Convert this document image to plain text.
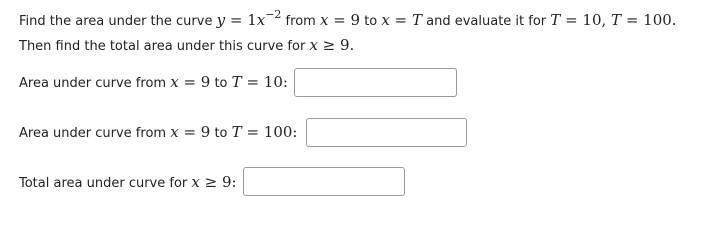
Find the area under the curve $y = 1x^{-2}$ from x = 9 to x = T and evaluate it for T = 10, T = 100.
Then find the total area under this curve for x ≥ 9.
Area under curve from x = 9 to T = 10:
Area under curve from x = 9 to T = 100:
Total area under curve for x ≥ 9:
